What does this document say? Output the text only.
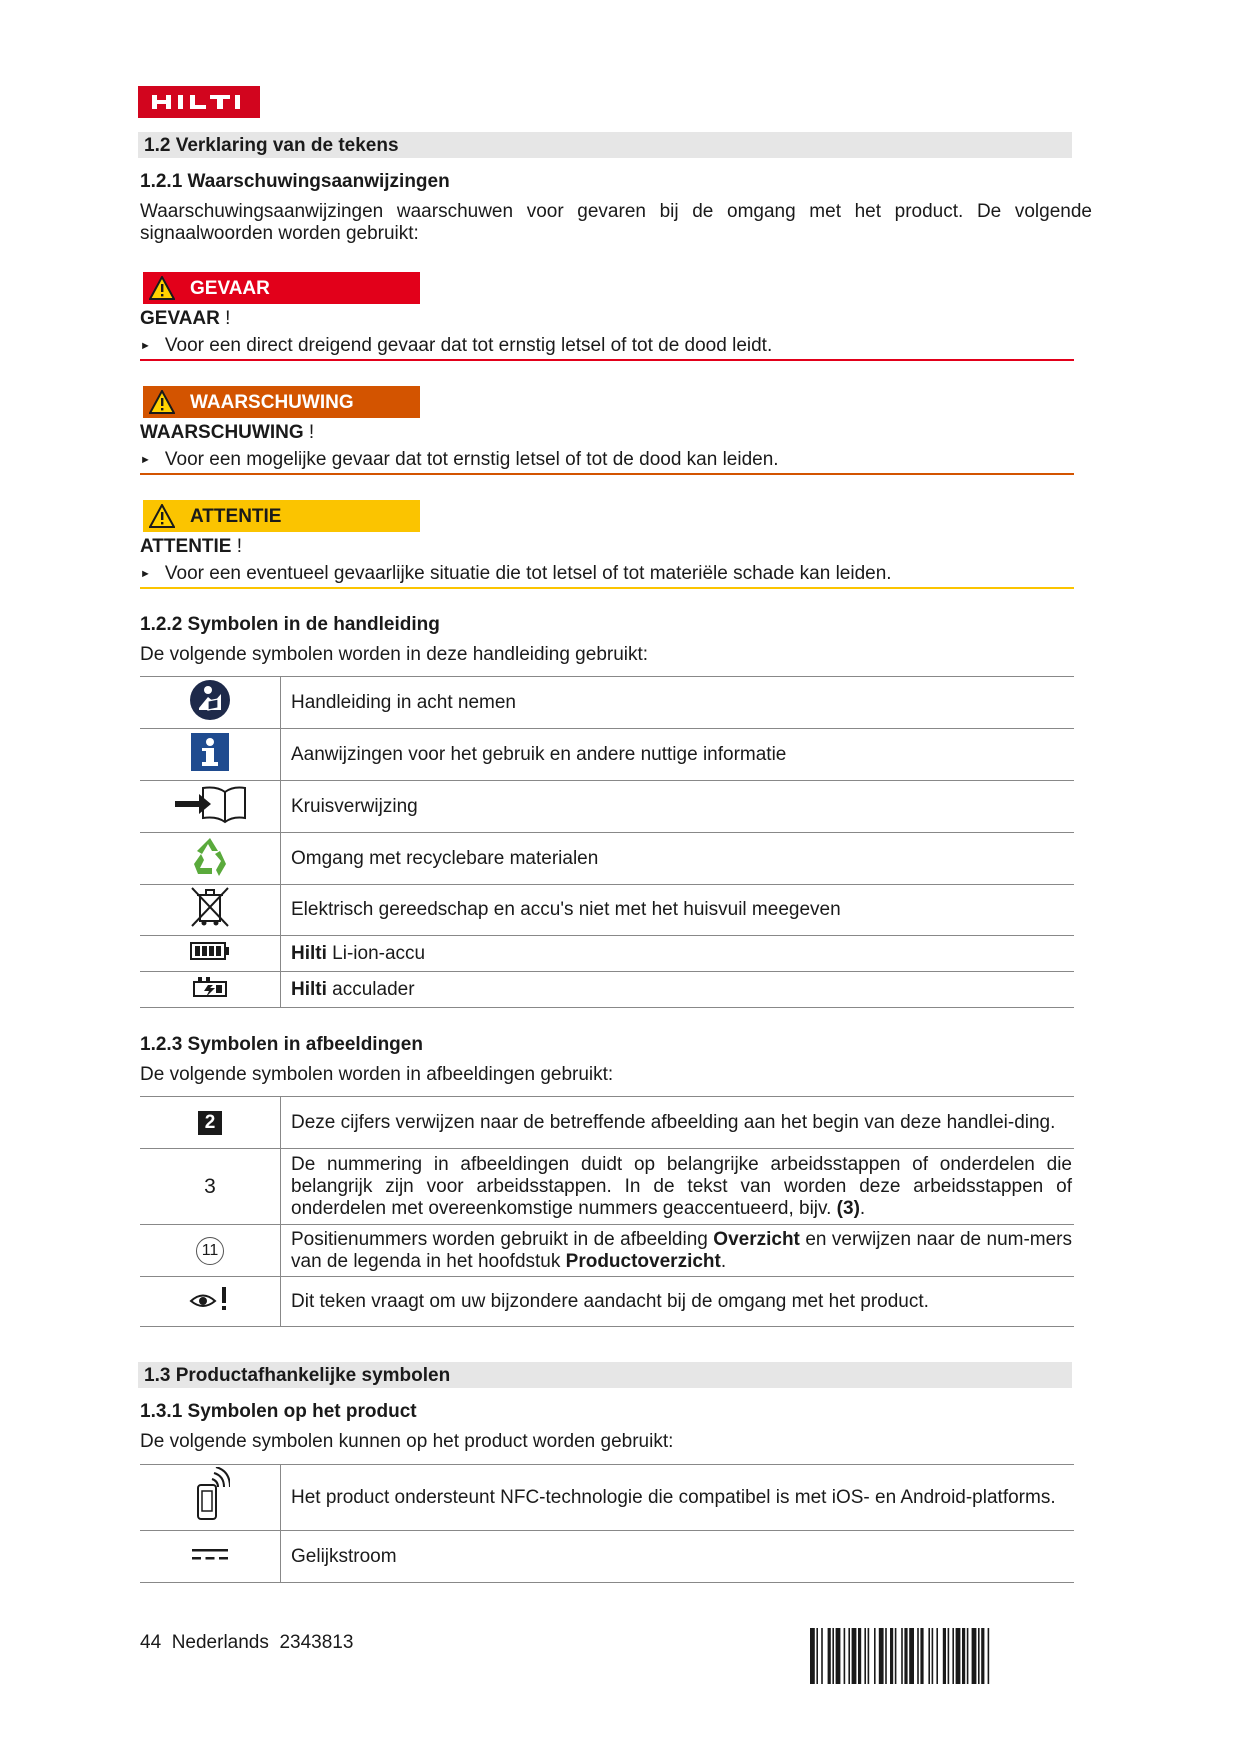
1.2 Verklaring van de tekens
1.2.1 Waarschuwingsaanwijzingen
Waarschuwingsaanwijzingen waarschuwen voor gevaren bij de omgang met het product. De volgende signaalwoorden worden gebruikt:
GEVAAR
GEVAAR !
► Voor een direct dreigend gevaar dat tot ernstig letsel of tot de dood leidt.
WAARSCHUWING
WAARSCHUWING !
► Voor een mogelijke gevaar dat tot ernstig letsel of tot de dood kan leiden.
ATTENTIE
ATTENTIE !
► Voor een eventueel gevaarlijke situatie die tot letsel of tot materiële schade kan leiden.
1.2.2 Symbolen in de handleiding
De volgende symbolen worden in deze handleiding gebruikt:
	Handleiding in acht nemen
	Aanwijzingen voor het gebruik en andere nuttige informatie
	Kruisverwijzing
	Omgang met recyclebare materialen
	Elektrisch gereedschap en accu's niet met het huisvuil meegeven
	Hilti Li-ion-accu
	Hilti acculader
1.2.3 Symbolen in afbeeldingen
De volgende symbolen worden in afbeeldingen gebruikt:
2	Deze cijfers verwijzen naar de betreffende afbeelding aan het begin van deze handlei-ding.
3	De nummering in afbeeldingen duidt op belangrijke arbeidsstappen of onderdelen die belangrijk zijn voor arbeidsstappen. In de tekst van worden deze arbeidsstappen of onderdelen met overeenkomstige nummers geaccentueerd, bijv. (3).
11	Positienummers worden gebruikt in de afbeelding Overzicht en verwijzen naar de num-mers van de legenda in het hoofdstuk Productoverzicht.
	Dit teken vraagt om uw bijzondere aandacht bij de omgang met het product.
1.3 Productafhankelijke symbolen
1.3.1 Symbolen op het product
De volgende symbolen kunnen op het product worden gebruikt:
	Het product ondersteunt NFC-technologie die compatibel is met iOS- en Android-platforms.
	Gelijkstroom
44 Nederlands 2343813
